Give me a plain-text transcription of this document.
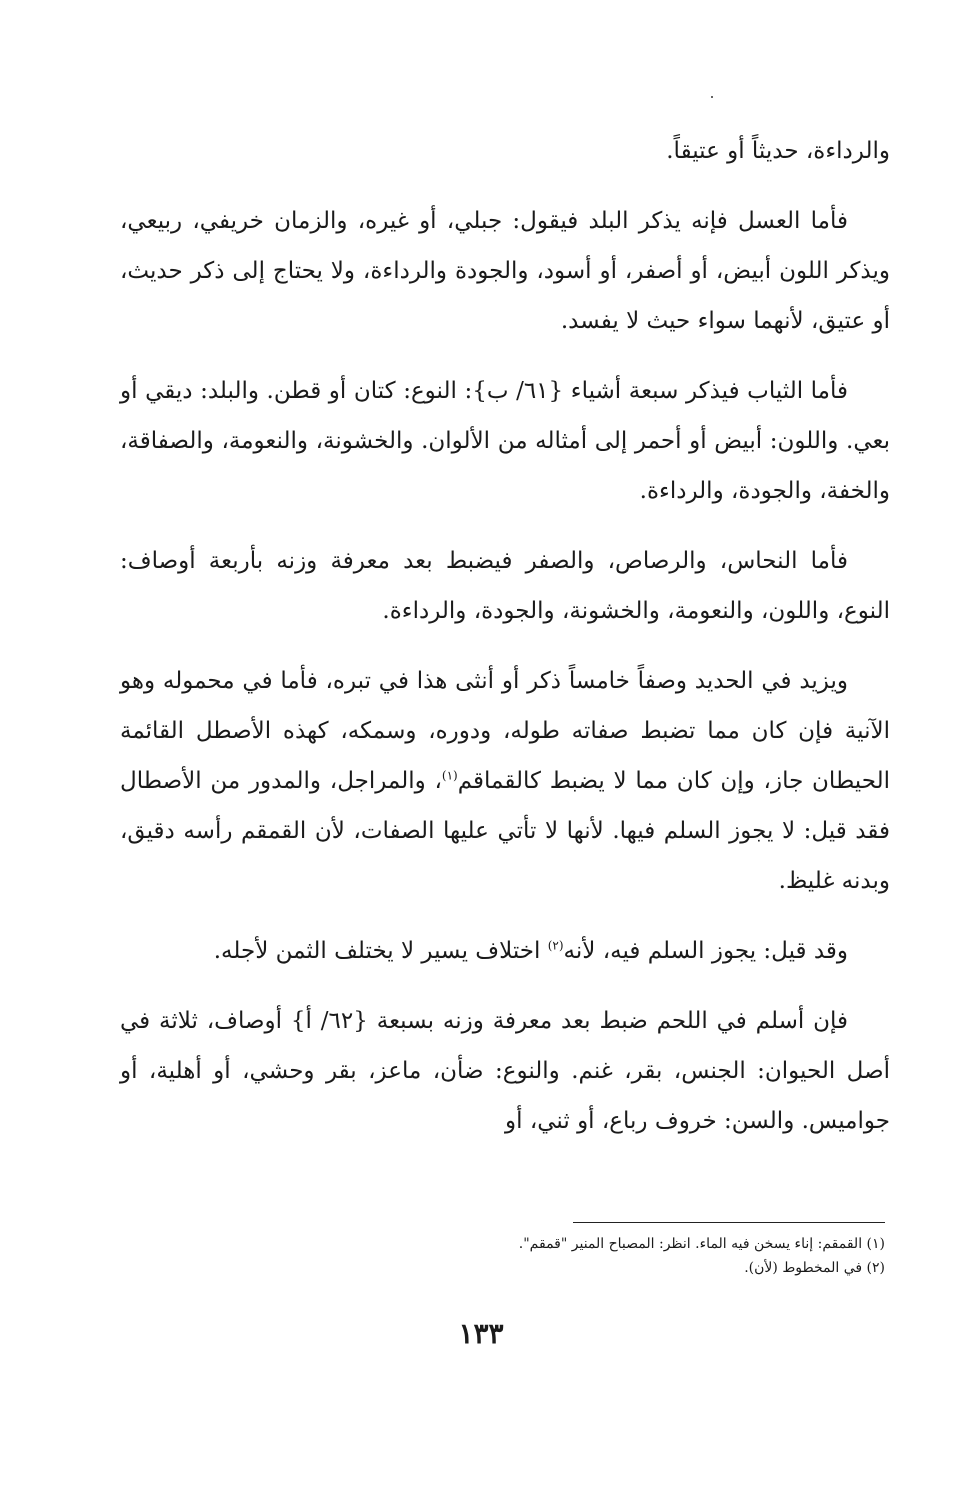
والرداءة، حديثاً أو عتيقاً.

فأما العسل فإنه يذكر البلد فيقول: جبلي، أو غيره، والزمان خريفي، ربيعي، ويذكر اللون أبيض، أو أصفر، أو أسود، والجودة والرداءة، ولا يحتاج إلى ذكر حديث، أو عتيق، لأنهما سواء حيث لا يفسد.

فأما الثياب فيذكر سبعة أشياء {٦١/ ب}: النوع: كتان أو قطن. والبلد: ديقي أو بعي. واللون: أبيض أو أحمر إلى أمثاله من الألوان. والخشونة، والنعومة، والصفاقة، والخفة، والجودة، والرداءة.

فأما النحاس، والرصاص، والصفر فيضبط بعد معرفة وزنه بأربعة أوصاف: النوع، واللون، والنعومة، والخشونة، والجودة، والرداءة.

ويزيد في الحديد وصفاً خامساً ذكر أو أنثى هذا في تبره، فأما في محموله وهو الآنية فإن كان مما تضبط صفاته طوله، ودوره، وسمكه، كهذه الأصطل القائمة الحيطان جاز، وإن كان مما لا يضبط كالقماقم$^{(١)}$، والمراجل، والمدور من الأصطال فقد قيل: لا يجوز السلم فيها. لأنها لا تأتي عليها الصفات، لأن القمقم رأسه دقيق، وبدنه غليظ.

وقد قيل: يجوز السلم فيه، لأنه$^{(٢)}$ اختلاف يسير لا يختلف الثمن لأجله.

فإن أسلم في اللحم ضبط بعد معرفة وزنه بسبعة {٦٢/ أ} أوصاف، ثلاثة في أصل الحيوان: الجنس، بقر، غنم. والنوع: ضأن، ماعز، بقر وحشي، أو أهلية، أو جواميس. والسن: خروف رباع، أو ثني، أو

(١) القمقم: إناء يسخن فيه الماء. انظر: المصباح المنير "قمقم".

(٢) في المخطوط (لأن).

١٣٣
